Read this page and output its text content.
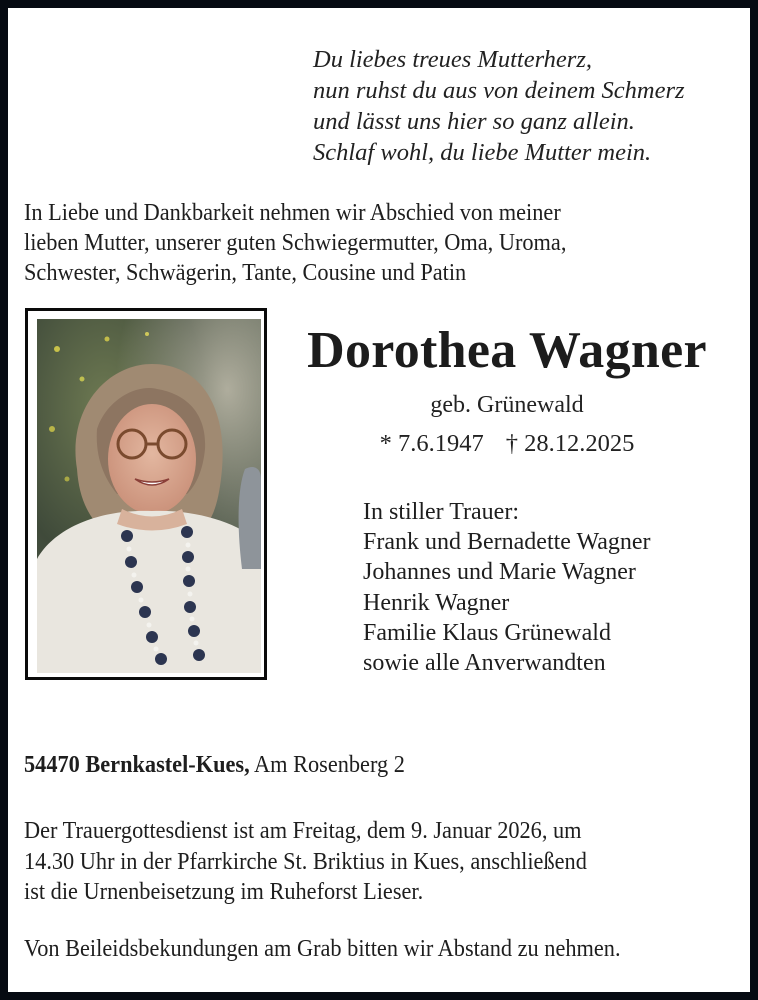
Du liebes treues Mutterherz,
nun ruhst du aus von deinem Schmerz
und lässt uns hier so ganz allein.
Schlaf wohl, du liebe Mutter mein.
In Liebe und Dankbarkeit nehmen wir Abschied von meiner
lieben Mutter, unserer guten Schwiegermutter, Oma, Uroma,
Schwester, Schwägerin, Tante, Cousine und Patin
Dorothea Wagner
geb. Grünewald
* 7.6.1947 † 28.12.2025
In stiller Trauer:
Frank und Bernadette Wagner
Johannes und Marie Wagner
Henrik Wagner
Familie Klaus Grünewald
sowie alle Anverwandten
54470 Bernkastel-Kues, Am Rosenberg 2
Der Trauergottesdienst ist am Freitag, dem 9. Januar 2026, um
14.30 Uhr in der Pfarrkirche St. Briktius in Kues, anschließend
ist die Urnenbeisetzung im Ruheforst Lieser.
Von Beileidsbekundungen am Grab bitten wir Abstand zu nehmen.
